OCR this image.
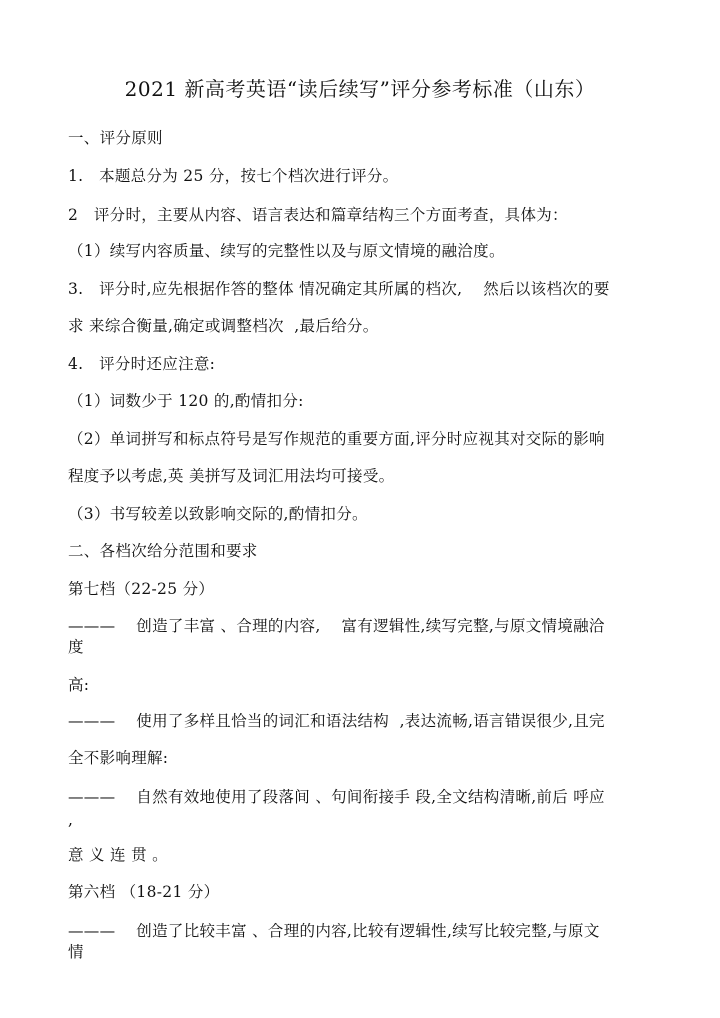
2021 新高考英语“读后续写”评分参考标准（山东）
一、评分原则
1.   本题总分为 25 分，按七个档次进行评分。
2   评分时，主要从内容、语言表达和篇章结构三个方面考查，具体为：
（1）续写内容质量、续写的完整性以及与原文情境的融洽度。
3.   评分时,应先根据作答的整体 情况确定其所属的档次,    然后以该档次的要
求 来综合衡量,确定或调整档次  ,最后给分。
4.   评分时还应注意:
（1）词数少于 120 的,酌情扣分:
（2）单词拼写和标点符号是写作规范的重要方面,评分时应视其对交际的影响
程度予以考虑,英 美拼写及词汇用法均可接受。
（3）书写较差以致影响交际的,酌情扣分。
二、各档次给分范围和要求
第七档（22-25 分）
———    创造了丰富 、合理的内容,    富有逻辑性,续写完整,与原文情境融洽
度
高:
———    使用了多样且恰当的词汇和语法结构  ,表达流畅,语言错误很少,且完
全不影响理解:
———    自然有效地使用了段落间 、句间衔接手 段,全文结构清晰,前后 呼应
,
意 义 连 贯 。
第六档 （18-21 分）
———    创造了比较丰富 、合理的内容,比较有逻辑性,续写比较完整,与原文
情
